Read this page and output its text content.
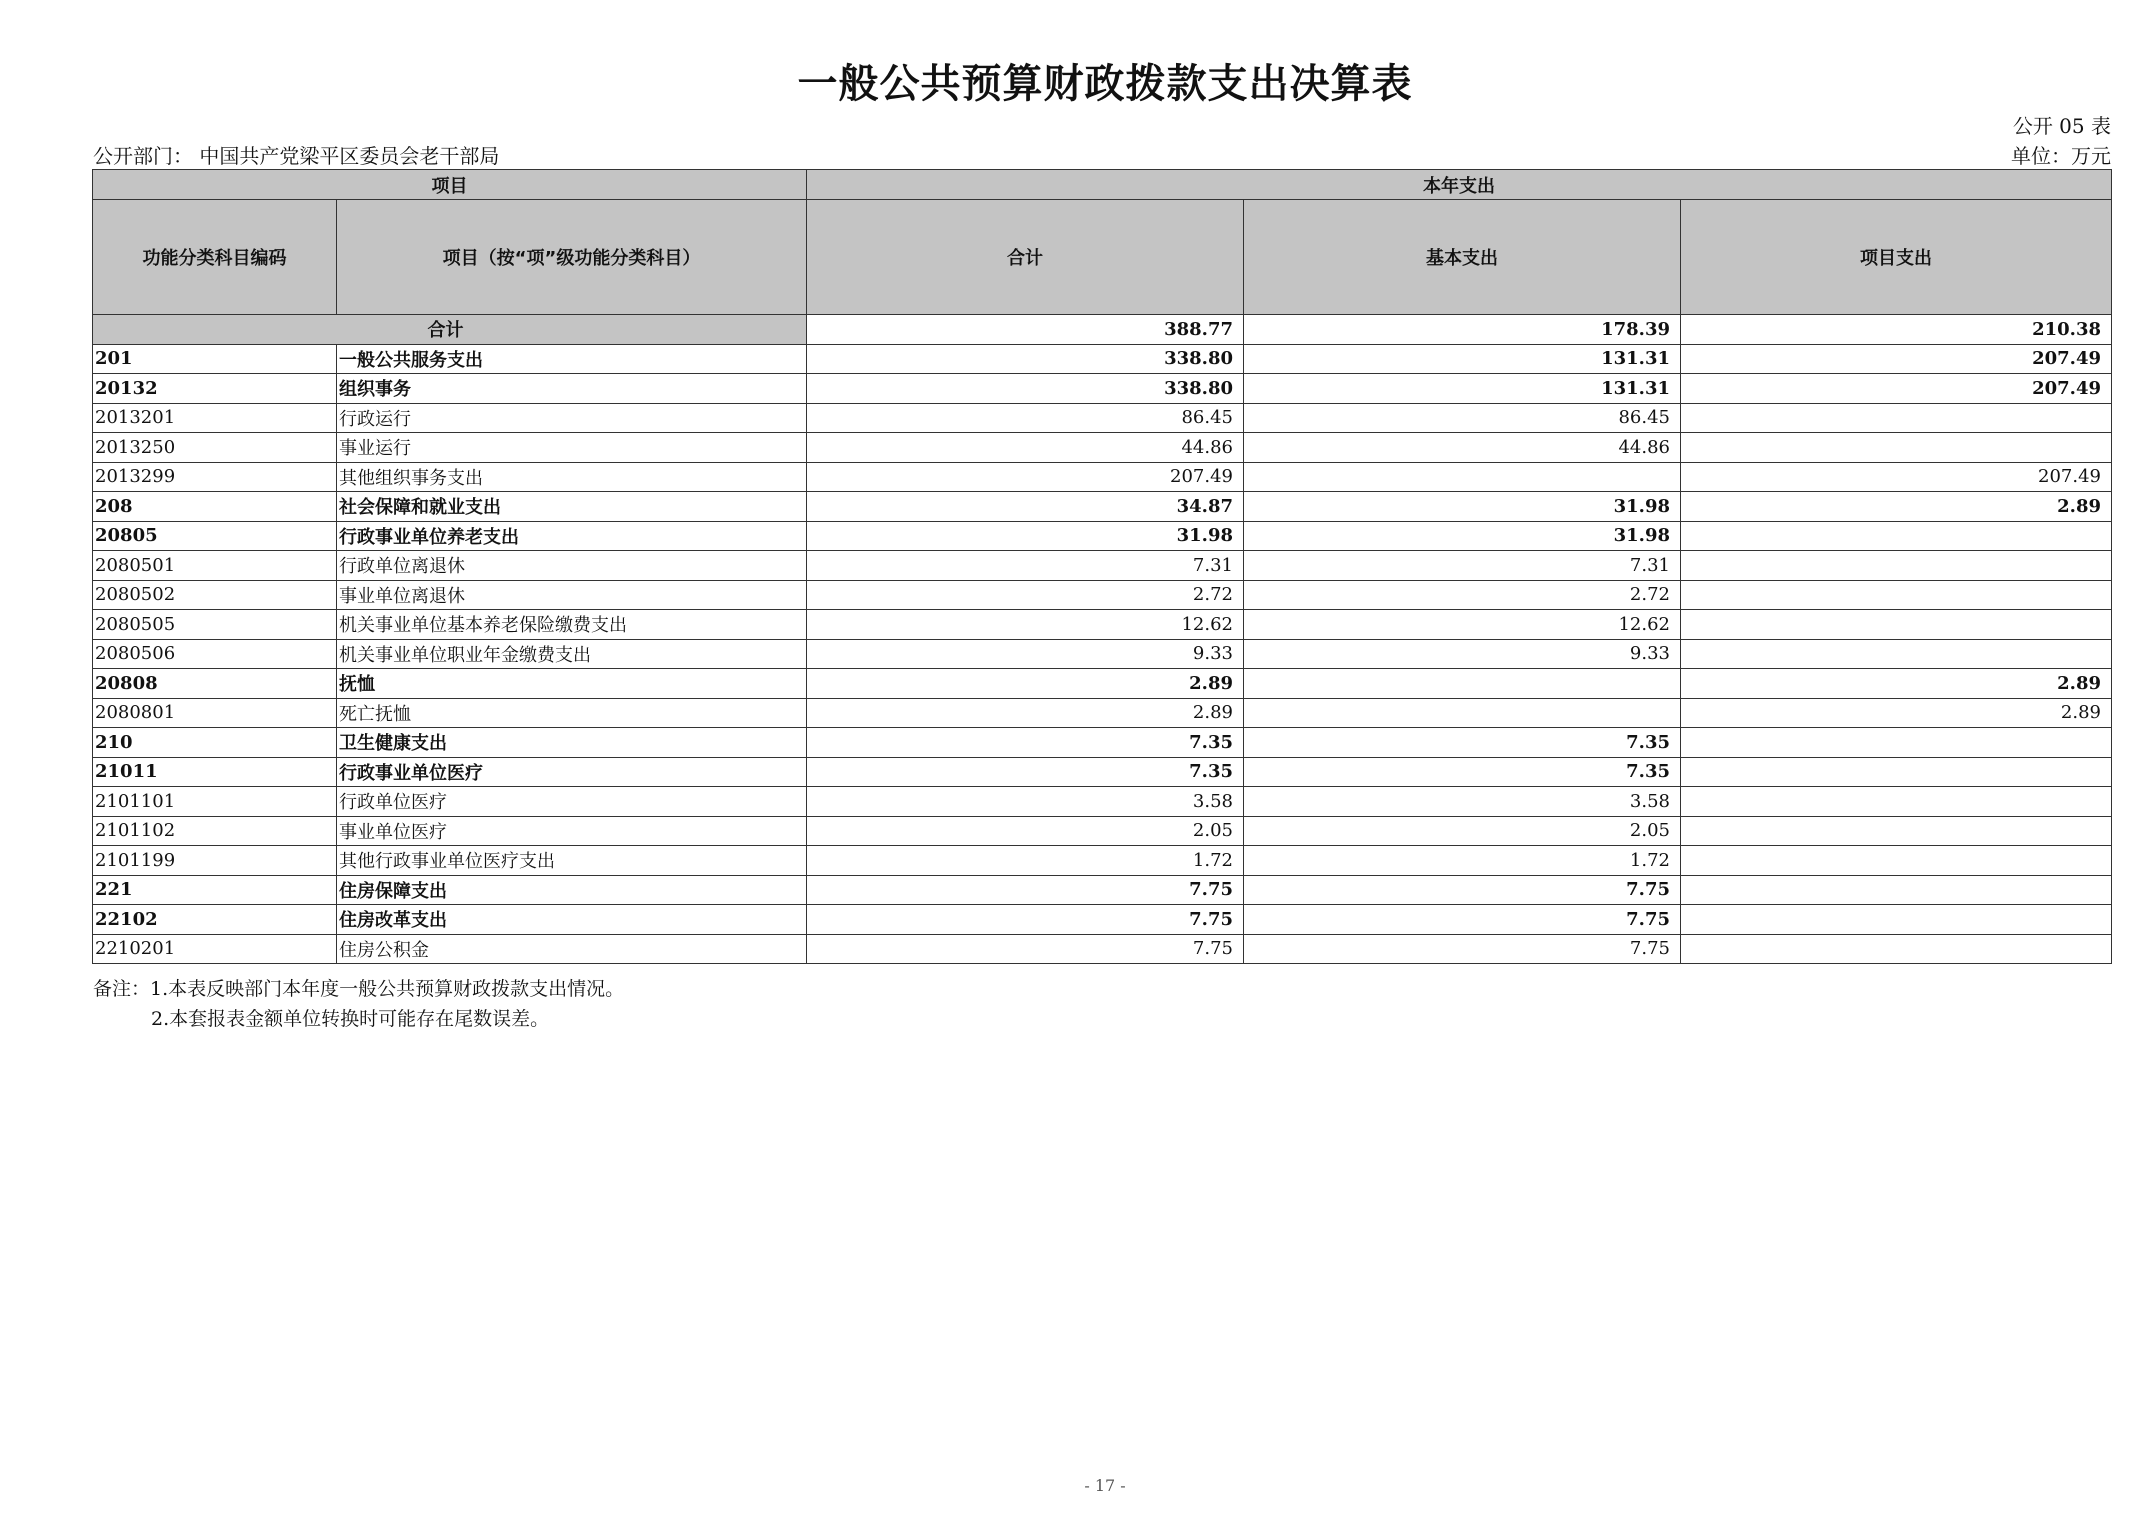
一般公共预算财政拨款支出决算表
公开 05 表
公开部门： 中国共产党梁平区委员会老干部局	单位：万元
项目		本年支出		
功能分类科目编码	项目（按“项”级功能分类科目）	合计	基本支出	项目支出
合计		388.77	178.39	210.38
201	一般公共服务支出	338.80	131.31	207.49
20132	组织事务	338.80	131.31	207.49
2013201	行政运行	86.45	86.45	
2013250	事业运行	44.86	44.86	
2013299	其他组织事务支出	207.49		207.49
208	社会保障和就业支出	34.87	31.98	2.89
20805	行政事业单位养老支出	31.98	31.98	
2080501	行政单位离退休	7.31	7.31	
2080502	事业单位离退休	2.72	2.72	
2080505	机关事业单位基本养老保险缴费支出	12.62	12.62	
2080506	机关事业单位职业年金缴费支出	9.33	9.33	
20808	抚恤	2.89		2.89
2080801	死亡抚恤	2.89		2.89
210	卫生健康支出	7.35	7.35	
21011	行政事业单位医疗	7.35	7.35	
2101101	行政单位医疗	3.58	3.58	
2101102	事业单位医疗	2.05	2.05	
2101199	其他行政事业单位医疗支出	1.72	1.72	
221	住房保障支出	7.75	7.75	
22102	住房改革支出	7.75	7.75	
2210201	住房公积金	7.75	7.75	
备注：1.本表反映部门本年度一般公共预算财政拨款支出情况。
2.本套报表金额单位转换时可能存在尾数误差。
- 17 -
